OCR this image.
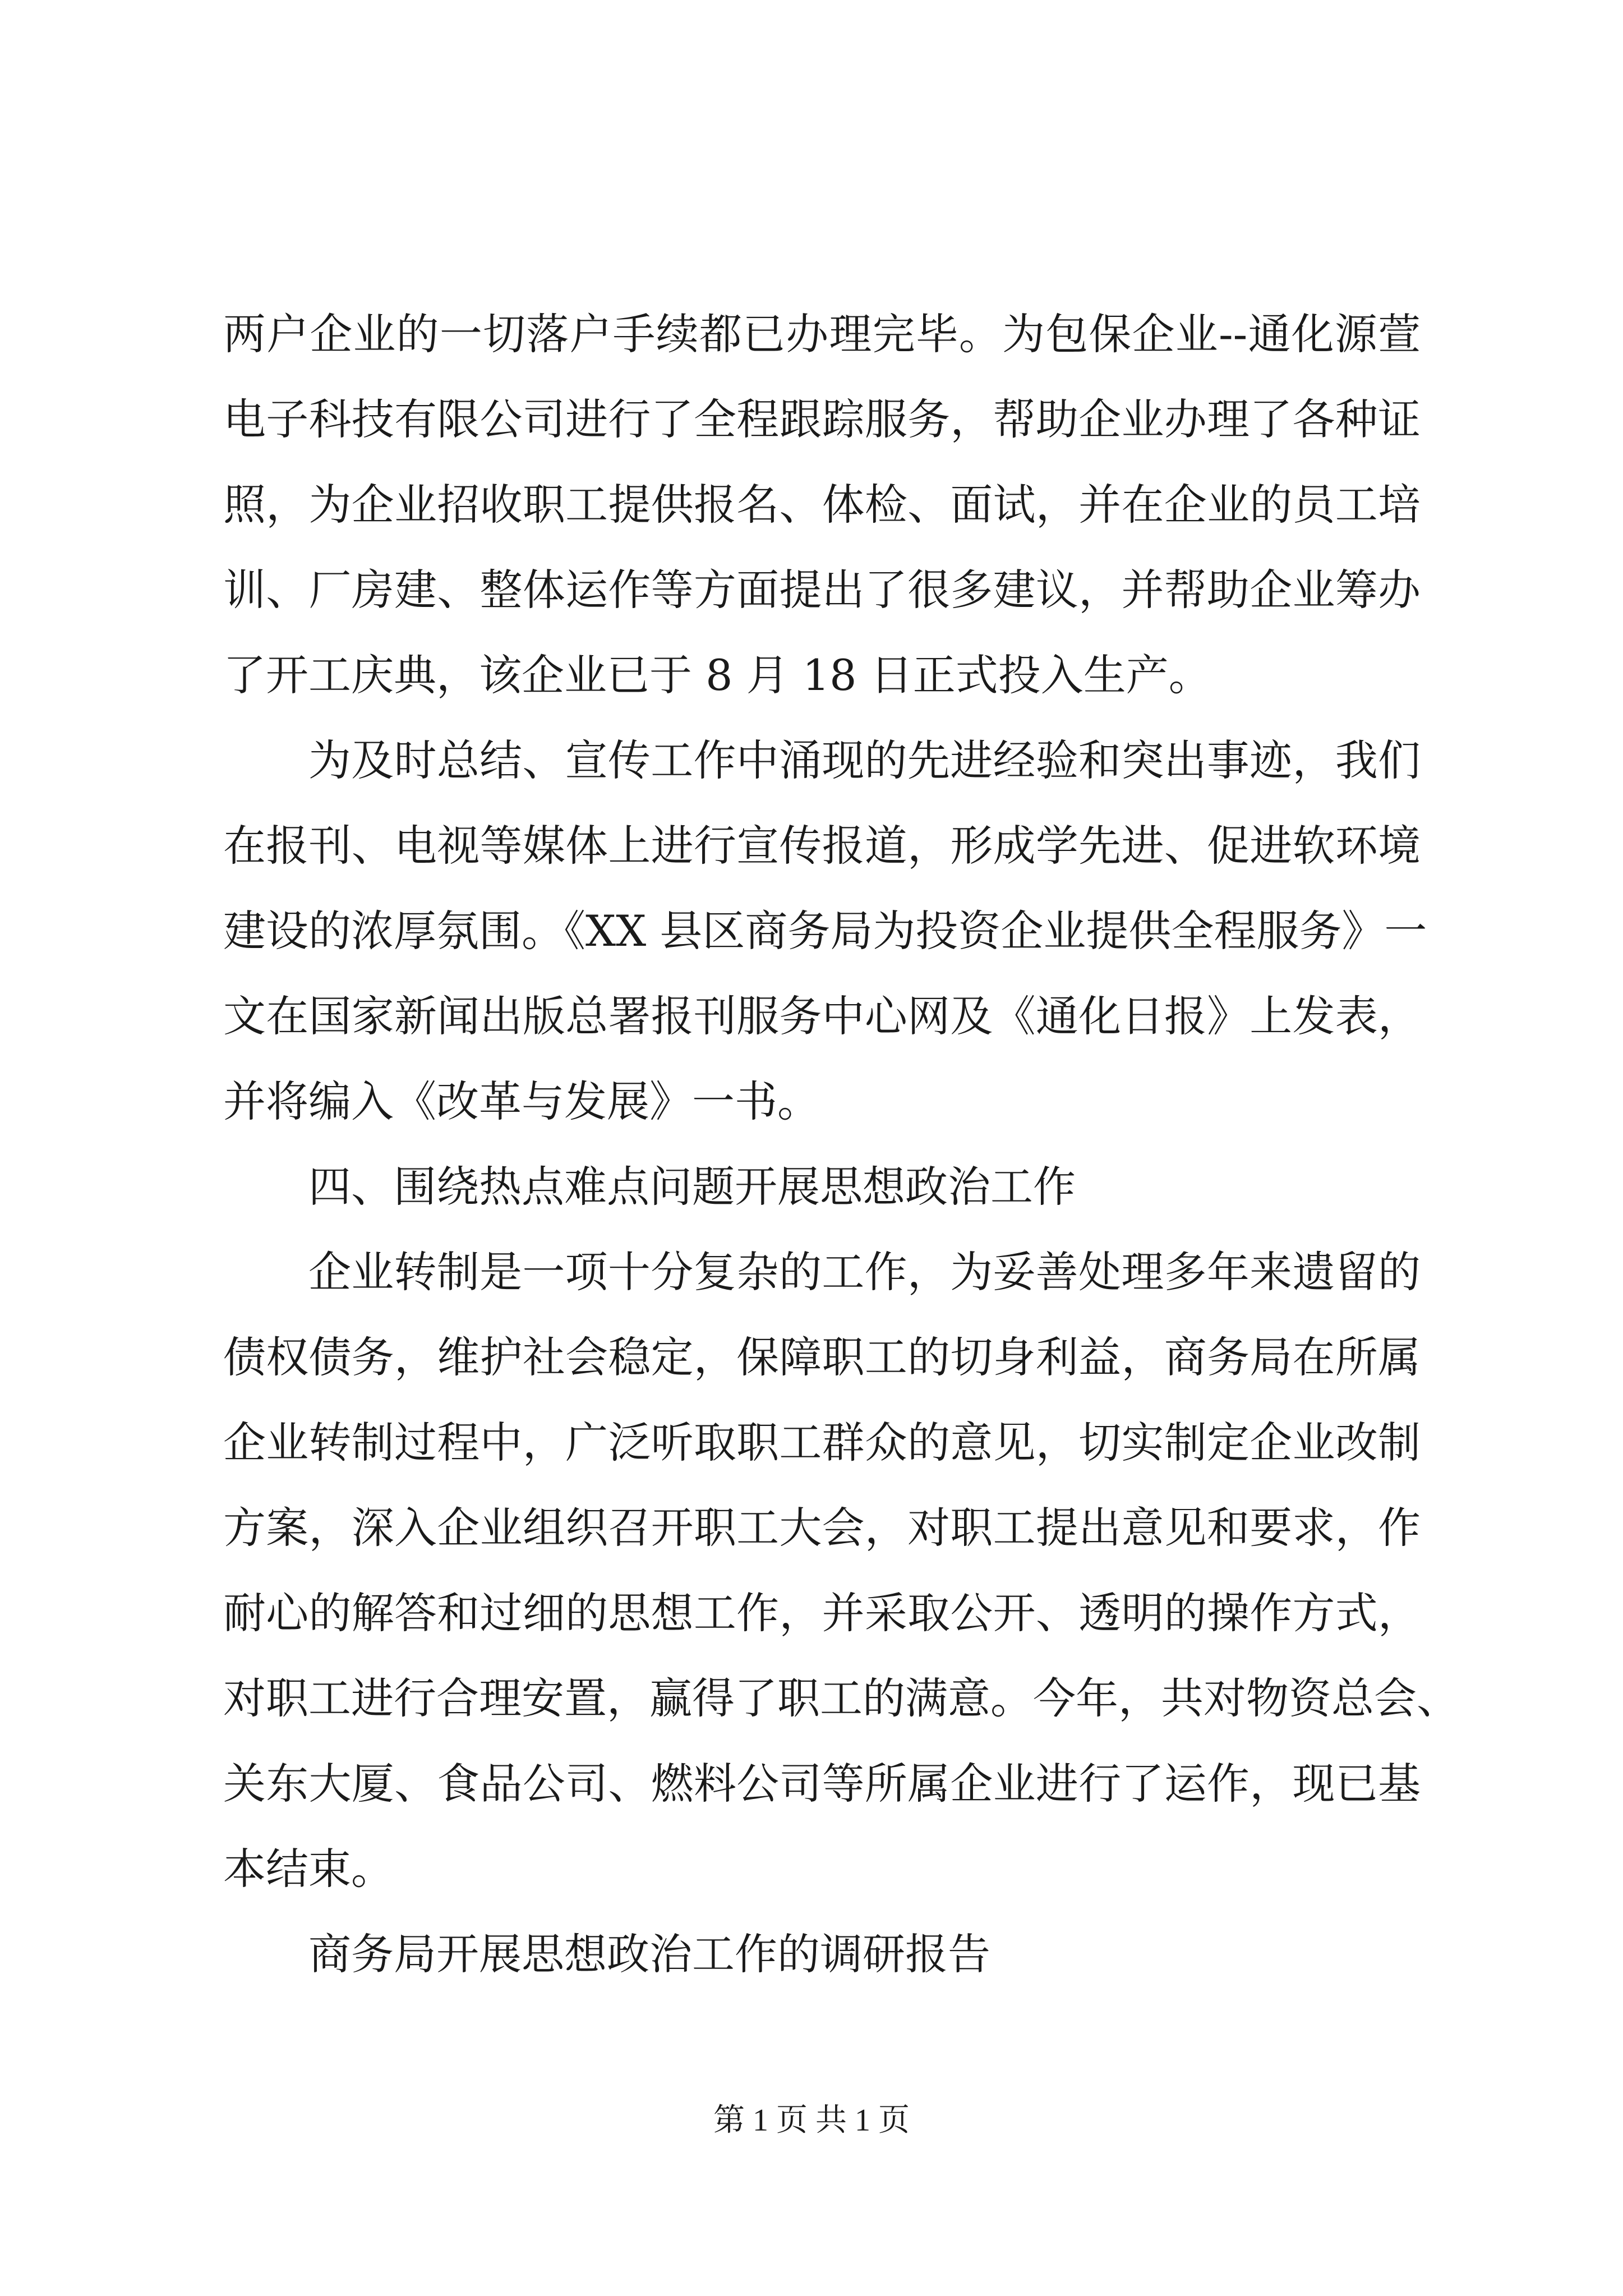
两户企业的一切落户手续都已办理完毕。为包保企业--通化源萱
电子科技有限公司进行了全程跟踪服务，帮助企业办理了各种证
照，为企业招收职工提供报名、体检、面试，并在企业的员工培
训、厂房建、整体运作等方面提出了很多建议，并帮助企业筹办
了开工庆典，该企业已于 8 月 18 日正式投入生产。
为及时总结、宣传工作中涌现的先进经验和突出事迹，我们
在报刊、电视等媒体上进行宣传报道，形成学先进、促进软环境
建设的浓厚氛围。《XX 县区商务局为投资企业提供全程服务》一
文在国家新闻出版总署报刊服务中心网及《通化日报》上发表，
并将编入《改革与发展》一书。
四、围绕热点难点问题开展思想政治工作
企业转制是一项十分复杂的工作，为妥善处理多年来遗留的
债权债务，维护社会稳定，保障职工的切身利益，商务局在所属
企业转制过程中，广泛听取职工群众的意见，切实制定企业改制
方案，深入企业组织召开职工大会，对职工提出意见和要求，作
耐心的解答和过细的思想工作，并采取公开、透明的操作方式，
对职工进行合理安置，赢得了职工的满意。今年，共对物资总会、
关东大厦、食品公司、燃料公司等所属企业进行了运作，现已基
本结束。
商务局开展思想政治工作的调研报告
第 1 页 共 1 页
